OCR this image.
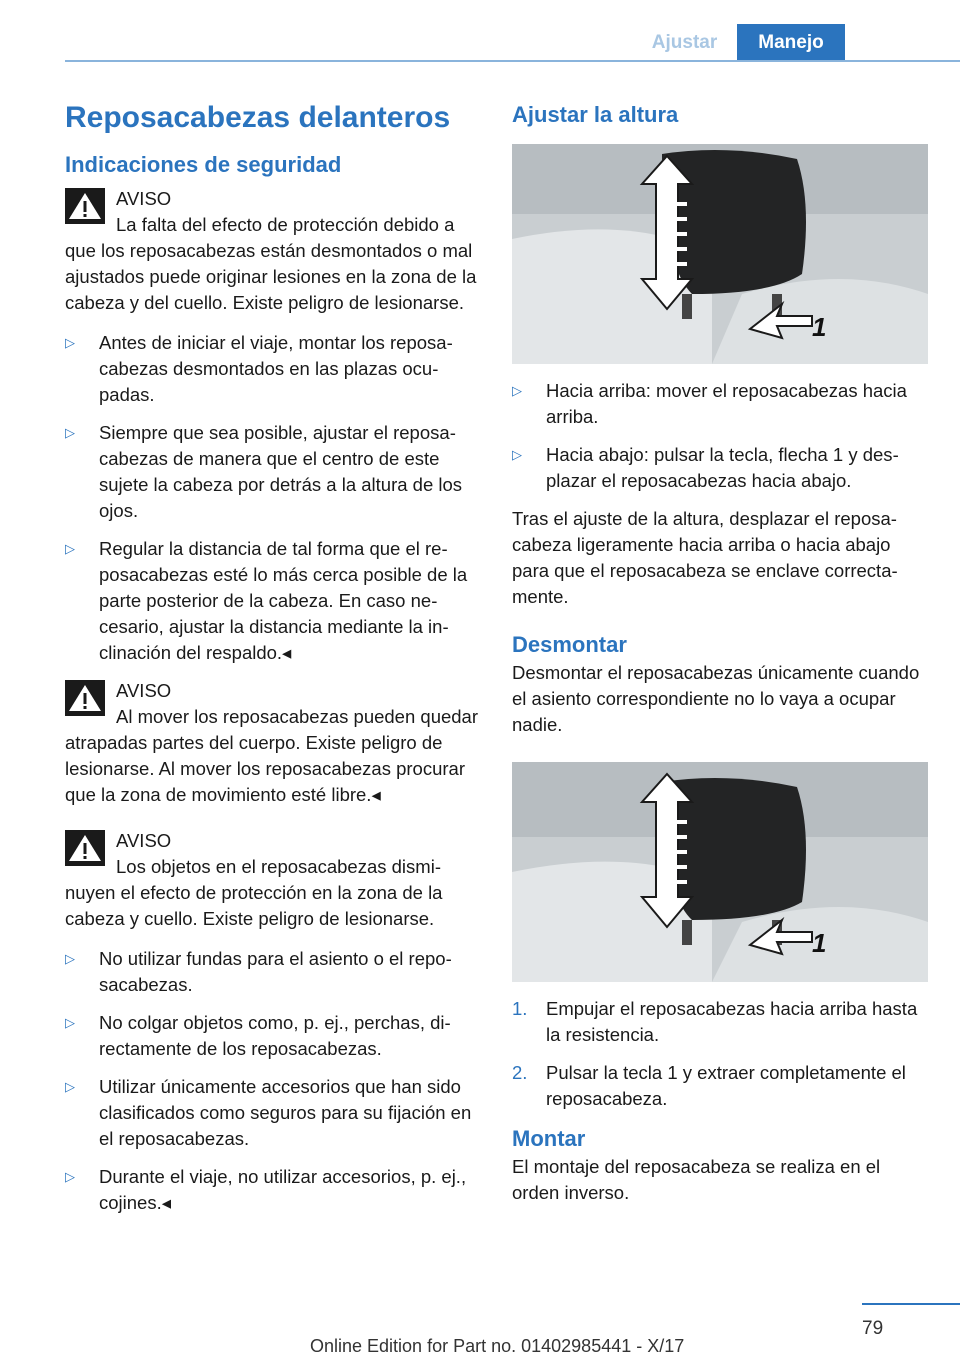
Ajustar	Manejo
Reposacabezas delanteros
Indicaciones de seguridad
AVISO

La falta del efecto de protección debido a que los reposacabezas están desmontados o mal ajustados puede originar lesiones en la zona de la cabeza y del cuello. Existe peligro de lesionarse.

▷ Antes de iniciar el viaje, montar los reposacabezas desmontados en las plazas ocupadas.
▷ Siempre que sea posible, ajustar el reposacabezas de manera que el centro de este sujete la cabeza por detrás a la altura de los ojos.
▷ Regular la distancia de tal forma que el reposacabezas esté lo más cerca posible de la parte posterior de la cabeza. En caso necesario, ajustar la distancia mediante la inclinación del respaldo.◂
AVISO

Al mover los reposacabezas pueden quedar atrapadas partes del cuerpo. Existe peligro de lesionarse. Al mover los reposacabezas procurar que la zona de movimiento esté libre.◂

AVISO

Los objetos en el reposacabezas disminuyen el efecto de protección en la zona de la cabeza y cuello. Existe peligro de lesionarse.

▷ No utilizar fundas para el asiento o el reposacabezas.
▷ No colgar objetos como, p. ej., perchas, directamente de los reposacabezas.
▷ Utilizar únicamente accesorios que han sido clasificados como seguros para su fijación en el reposacabezas.
▷ Durante el viaje, no utilizar accesorios, p. ej., cojines.◂
Ajustar la altura
1
▷ Hacia arriba: mover el reposacabezas hacia arriba.
▷ Hacia abajo: pulsar la tecla, flecha 1 y desplazar el reposacabezas hacia abajo.

Tras el ajuste de la altura, desplazar el reposacabeza ligeramente hacia arriba o hacia abajo para que el reposacabeza se enclave correctamente.

Desmontar

Desmontar el reposacabezas únicamente cuando el asiento correspondiente no lo vaya a ocupar nadie.

1
1. Empujar el reposacabezas hacia arriba hasta la resistencia.
2. Pulsar la tecla 1 y extraer completamente el reposacabeza.
Montar

El montaje del reposacabeza se realiza en el orden inverso.

79
Online Edition for Part no. 01402985441 - X/17
